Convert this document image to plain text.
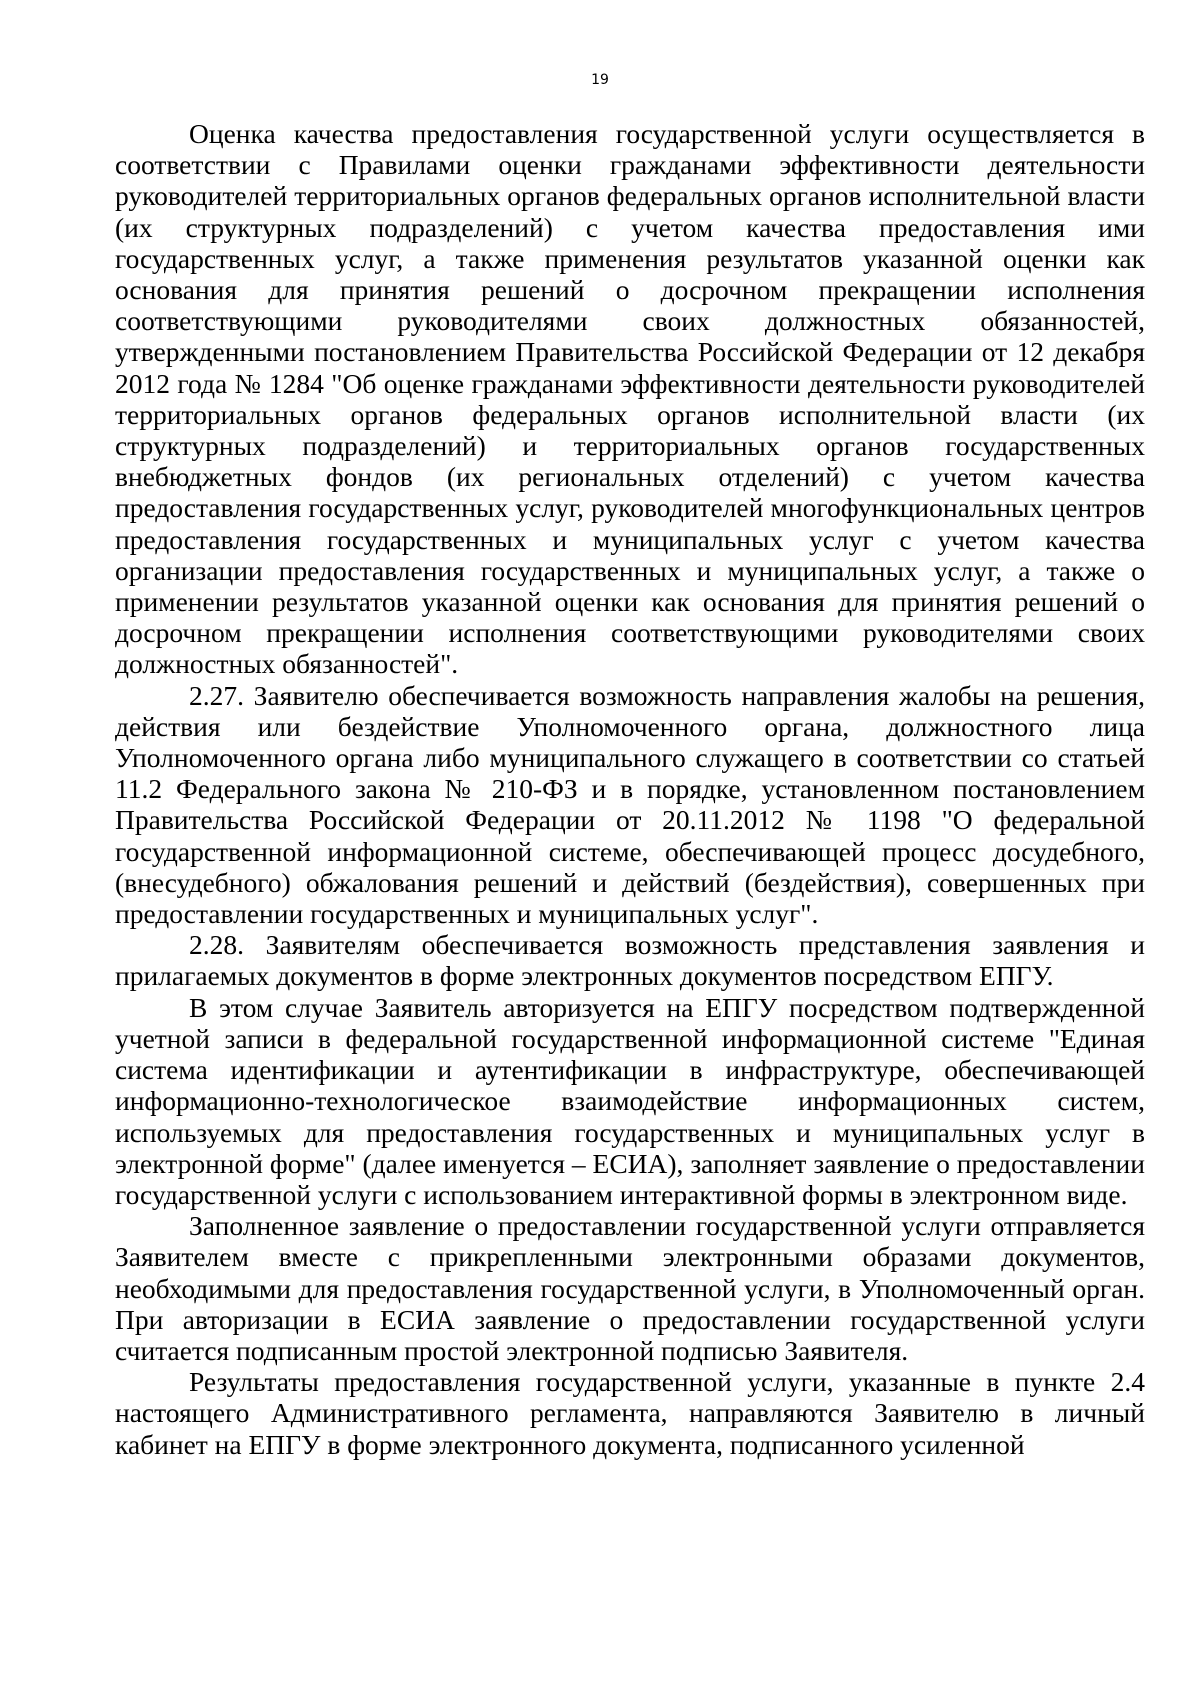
19

Оценка качества предоставления государственной услуги осуществляется в соответствии с Правилами оценки гражданами эффективности деятельности руководителей территориальных органов федеральных органов исполнительной власти (их структурных подразделений) с учетом качества предоставления ими государственных услуг, а также применения результатов указанной оценки как основания для принятия решений о досрочном прекращении исполнения соответствующими руководителями своих должностных обязанностей, утвержденными постановлением Правительства Российской Федерации от 12 декабря 2012 года № 1284 "Об оценке гражданами эффективности деятельности руководителей территориальных органов федеральных органов исполнительной власти (их структурных подразделений) и территориальных органов государственных внебюджетных фондов (их региональных отделений) с учетом качества предоставления государственных услуг, руководителей многофункциональных центров предоставления государственных и муниципальных услуг с учетом качества организации предоставления государственных и муниципальных услуг, а также о применении результатов указанной оценки как основания для принятия решений о досрочном прекращении исполнения соответствующими руководителями своих должностных обязанностей".

2.27. Заявителю обеспечивается возможность направления жалобы на решения, действия или бездействие Уполномоченного органа, должностного лица Уполномоченного органа либо муниципального служащего в соответствии со статьей 11.2 Федерального закона № 210-ФЗ и в порядке, установленном постановлением Правительства Российской Федерации от 20.11.2012 № 1198 "О федеральной государственной информационной системе, обеспечивающей процесс досудебного, (внесудебного) обжалования решений и действий (бездействия), совершенных при предоставлении государственных и муниципальных услуг".

2.28. Заявителям обеспечивается возможность представления заявления и прилагаемых документов в форме электронных документов посредством ЕПГУ.

В этом случае Заявитель авторизуется на ЕПГУ посредством подтвержденной учетной записи в федеральной государственной информационной системе "Единая система идентификации и аутентификации в инфраструктуре, обеспечивающей информационно-технологическое взаимодействие информационных систем, используемых для предоставления государственных и муниципальных услуг в электронной форме" (далее именуется – ЕСИА), заполняет заявление о предоставлении государственной услуги с использованием интерактивной формы в электронном виде.

Заполненное заявление о предоставлении государственной услуги отправляется Заявителем вместе с прикрепленными электронными образами документов, необходимыми для предоставления государственной услуги, в Уполномоченный орган. При авторизации в ЕСИА заявление о предоставлении государственной услуги считается подписанным простой электронной подписью Заявителя.

Результаты предоставления государственной услуги, указанные в пункте 2.4 настоящего Административного регламента, направляются Заявителю в личный кабинет на ЕПГУ в форме электронного документа, подписанного усиленной
